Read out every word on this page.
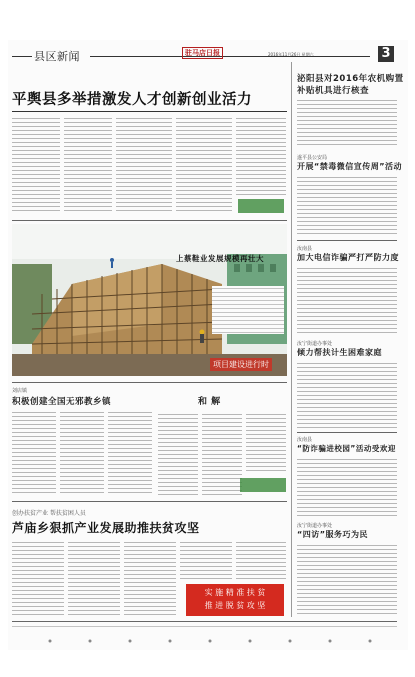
县区新闻	驻马店日报	2016年11月26日 星期六	3
平舆县多举措激发人才创新创业活力
泌阳县对2016年农机购置
补贴机具进行核查
遂平县公安局
开展“禁毒微信宣传周”活动
汝南县
加大电信诈骗严打严防力度
汝宁街道办事处
倾力帮扶计生困难家庭
汝南县
“防诈骗进校园”活动受欢迎
汝宁街道办事处
“四访”服务巧为民
上蔡鞋业发展规模再壮大
项目建设进行时
刘店镇
积极创建全国无邪教乡镇	和 解
创办扶贫产业 帮扶贫困人员
芦庙乡狠抓产业发展助推扶贫攻坚
实 施 精 准 扶 贫
推 进 脱 贫 攻 坚
